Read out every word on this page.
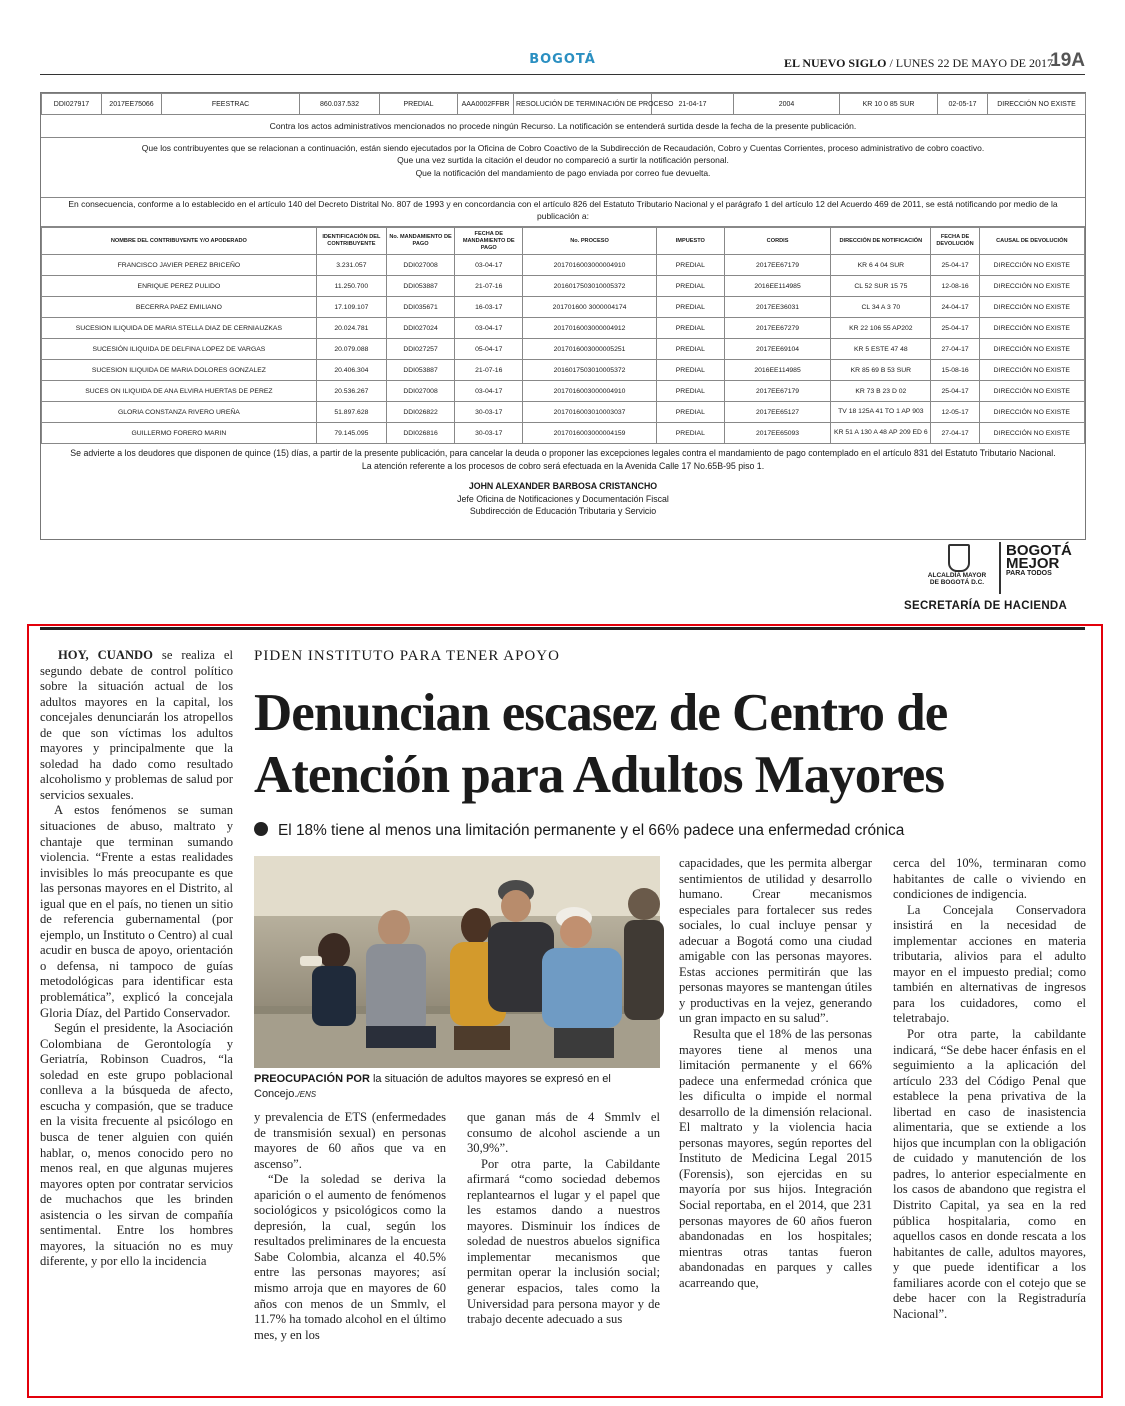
BOGOTÁ	EL NUEVO SIGLO / LUNES 22 DE MAYO DE 2017
19A
DDI027917	2017EE75066	FEESTRAC	860.037.532	PREDIAL	AAA0002FFBR	RESOLUCIÓN DE TERMINACIÓN DE PROCESO	21-04-17	2004	KR 10 0 85 SUR	02-05-17	DIRECCIÓN NO EXISTE
Contra los actos administrativos mencionados no procede ningún Recurso. La notificación se entenderá surtida desde la fecha de la presente publicación.
Que los contribuyentes que se relacionan a continuación, están siendo ejecutados por la Oficina de Cobro Coactivo de la Subdirección de Recaudación, Cobro y Cuentas Corrientes, proceso administrativo de cobro coactivo.
Que una vez surtida la citación el deudor no compareció a surtir la notificación personal.
Que la notificación del mandamiento de pago enviada por correo fue devuelta.
En consecuencia, conforme a lo establecido en el artículo 140 del Decreto Distrital No. 807 de 1993 y en concordancia con el artículo 826 del Estatuto Tributario Nacional y el parágrafo 1 del artículo 12 del Acuerdo 469 de 2011, se está notificando por medio de la publicación a:
NOMBRE DEL CONTRIBUYENTE Y/O APODERADO	IDENTIFICACIÓN DEL CONTRIBUYENTE	No. MANDAMIENTO DE PAGO	FECHA DE MANDAMIENTO DE PAGO	No. PROCESO	IMPUESTO	CORDIS	DIRECCIÓN DE NOTIFICACIÓN	FECHA DE DEVOLUCIÓN	CAUSAL DE DEVOLUCIÓN
FRANCISCO JAVIER PEREZ BRICEÑO	3.231.057	DDI027008	03-04-17	2017016003000004910	PREDIAL	2017EE67179	KR 6 4 04 SUR	25-04-17	DIRECCIÓN NO EXISTE
ENRIQUE PEREZ PULIDO	11.250.700	DDI053887	21-07-16	2016017503010005372	PREDIAL	2016EE114985	CL 52 SUR 15 75	12-08-16	DIRECCIÓN NO EXISTE
BECERRA PAEZ EMILIANO	17.109.107	DDI035671	16-03-17	201701600 3000004174	PREDIAL	2017EE36031	CL 34 A 3 70	24-04-17	DIRECCIÓN NO EXISTE
SUCESION ILIQUIDA DE MARIA STELLA DIAZ DE CERNIAUZKAS	20.024.781	DDI027024	03-04-17	2017016003000004912	PREDIAL	2017EE67279	KR 22 106 55 AP202	25-04-17	DIRECCIÓN NO EXISTE
SUCESIÓN ILIQUIDA DE DELFINA LOPEZ DE VARGAS	20.079.088	DDI027257	05-04-17	2017016003000005251	PREDIAL	2017EE69104	KR 5 ESTE 47 48	27-04-17	DIRECCIÓN NO EXISTE
SUCESION ILIQUIDA DE MARIA DOLORES GONZALEZ	20.406.304	DDI053887	21-07-16	2016017503010005372	PREDIAL	2016EE114985	KR 85 69 B 53 SUR	15-08-16	DIRECCIÓN NO EXISTE
SUCES ON ILIQUIDA DE ANA ELVIRA HUERTAS DE PEREZ	20.536.267	DDI027008	03-04-17	2017016003000004910	PREDIAL	2017EE67179	KR 73 B 23 D 02	25-04-17	DIRECCIÓN NO EXISTE
GLORIA CONSTANZA RIVERO UREÑA	51.897.628	DDI026822	30-03-17	2017016003010003037	PREDIAL	2017EE65127	TV 18 125A 41 TO 1 AP 903	12-05-17	DIRECCIÓN NO EXISTE
GUILLERMO FORERO MARIN	79.145.095	DDI026816	30-03-17	2017016003000004159	PREDIAL	2017EE65093	KR 51 A 130 A 48 AP 209 ED 6	27-04-17	DIRECCIÓN NO EXISTE
Se advierte a los deudores que disponen de quince (15) días, a partir de la presente publicación, para cancelar la deuda o proponer las excepciones legales contra el mandamiento de pago contemplado en el artículo 831 del Estatuto Tributario Nacional.
La atención referente a los procesos de cobro será efectuada en la Avenida Calle 17 No.65B-95 piso 1.
JOHN ALEXANDER BARBOSA CRISTANCHO
Jefe Oficina de Notificaciones y Documentación Fiscal
Subdirección de Educación Tributaria y Servicio
ALCALDÍA MAYOR DE BOGOTÁ D.C.
BOGOTÁ
MEJOR
PARA TODOS
SECRETARÍA DE HACIENDA

HOY, CUANDO se realiza el segundo debate de control político sobre la situación actual de los adultos mayores en la capital, los concejales denunciarán los atropellos de que son víctimas los adultos mayores y principalmente que la soledad ha dado como resultado alcoholismo y problemas de salud por servicios sexuales.

A estos fenómenos se suman situaciones de abuso, maltrato y chantaje que terminan sumando violencia. “Frente a estas realidades invisibles lo más preocupante es que las personas mayores en el Distrito, al igual que en el país, no tienen un sitio de referencia gubernamental (por ejemplo, un Instituto o Centro) al cual acudir en busca de apoyo, orientación o defensa, ni tampoco de guías metodológicas para identificar esta problemática”, explicó la concejala Gloria Díaz, del Partido Conservador.

Según el presidente, la Asociación Colombiana de Gerontología y Geriatría, Robinson Cuadros, “la soledad en este grupo poblacional conlleva a la búsqueda de afecto, escucha y compasión, que se traduce en la visita frecuente al psicólogo en busca de tener alguien con quién hablar, o, menos conocido pero no menos real, en que algunas mujeres mayores opten por contratar servicios de muchachos que les brinden asistencia o les sirvan de compañía sentimental. Entre los hombres mayores, la situación no es muy diferente, y por ello la incidencia

PIDEN INSTITUTO PARA TENER APOYO
Denuncian escasez de Centro de
Atención para Adultos Mayores
El 18% tiene al menos una limitación permanente y el 66% padece una enfermedad crónica
PREOCUPACIÓN POR la situación de adultos mayores se expresó en el Concejo./ENS

y prevalencia de ETS (enfermedades de transmisión sexual) en personas mayores de 60 años que va en ascenso”.

“De la soledad se deriva la aparición o el aumento de fenómenos sociológicos y psicológicos como la depresión, la cual, según los resultados preliminares de la encuesta Sabe Colombia, alcanza el 40.5% entre las personas mayores; así mismo arroja que en mayores de 60 años con menos de un Smmlv, el 11.7% ha tomado alcohol en el último mes, y en los

que ganan más de 4 Smmlv el consumo de alcohol asciende a un 30,9%”.

Por otra parte, la Cabildante afirmará “como sociedad debemos replantearnos el lugar y el papel que les estamos dando a nuestros mayores. Disminuir los índices de soledad de nuestros abuelos significa implementar mecanismos que permitan operar la inclusión social; generar espacios, tales como la Universidad para persona mayor y de trabajo decente adecuado a sus

capacidades, que les permita albergar sentimientos de utilidad y desarrollo humano. Crear mecanismos especiales para fortalecer sus redes sociales, lo cual incluye pensar y adecuar a Bogotá como una ciudad amigable con las personas mayores. Estas acciones permitirán que las personas mayores se mantengan útiles y productivas en la vejez, generando un gran impacto en su salud”.

Resulta que el 18% de las personas mayores tiene al menos una limitación permanente y el 66% padece una enfermedad crónica que les dificulta o impide el normal desarrollo de la dimensión relacional. El maltrato y la violencia hacia personas mayores, según reportes del Instituto de Medicina Legal 2015 (Forensis), son ejercidas en su mayoría por sus hijos. Integración Social reportaba, en el 2014, que 231 personas mayores de 60 años fueron abandonadas en los hospitales; mientras otras tantas fueron abandonadas en parques y calles acarreando que,

cerca del 10%, terminaran como habitantes de calle o viviendo en condiciones de indigencia.

La Concejala Conservadora insistirá en la necesidad de implementar acciones en materia tributaria, alivios para el adulto mayor en el impuesto predial; como también en alternativas de ingresos para los cuidadores, como el teletrabajo.

Por otra parte, la cabildante indicará, “Se debe hacer énfasis en el seguimiento a la aplicación del artículo 233 del Código Penal que establece la pena privativa de la libertad en caso de inasistencia alimentaria, que se extiende a los hijos que incumplan con la obligación de cuidado y manutención de los padres, lo anterior especialmente en los casos de abandono que registra el Distrito Capital, ya sea en la red pública hospitalaria, como en aquellos casos en donde rescata a los habitantes de calle, adultos mayores, y que puede identificar a los familiares acorde con el cotejo que se debe hacer con la Registraduría Nacional”.
